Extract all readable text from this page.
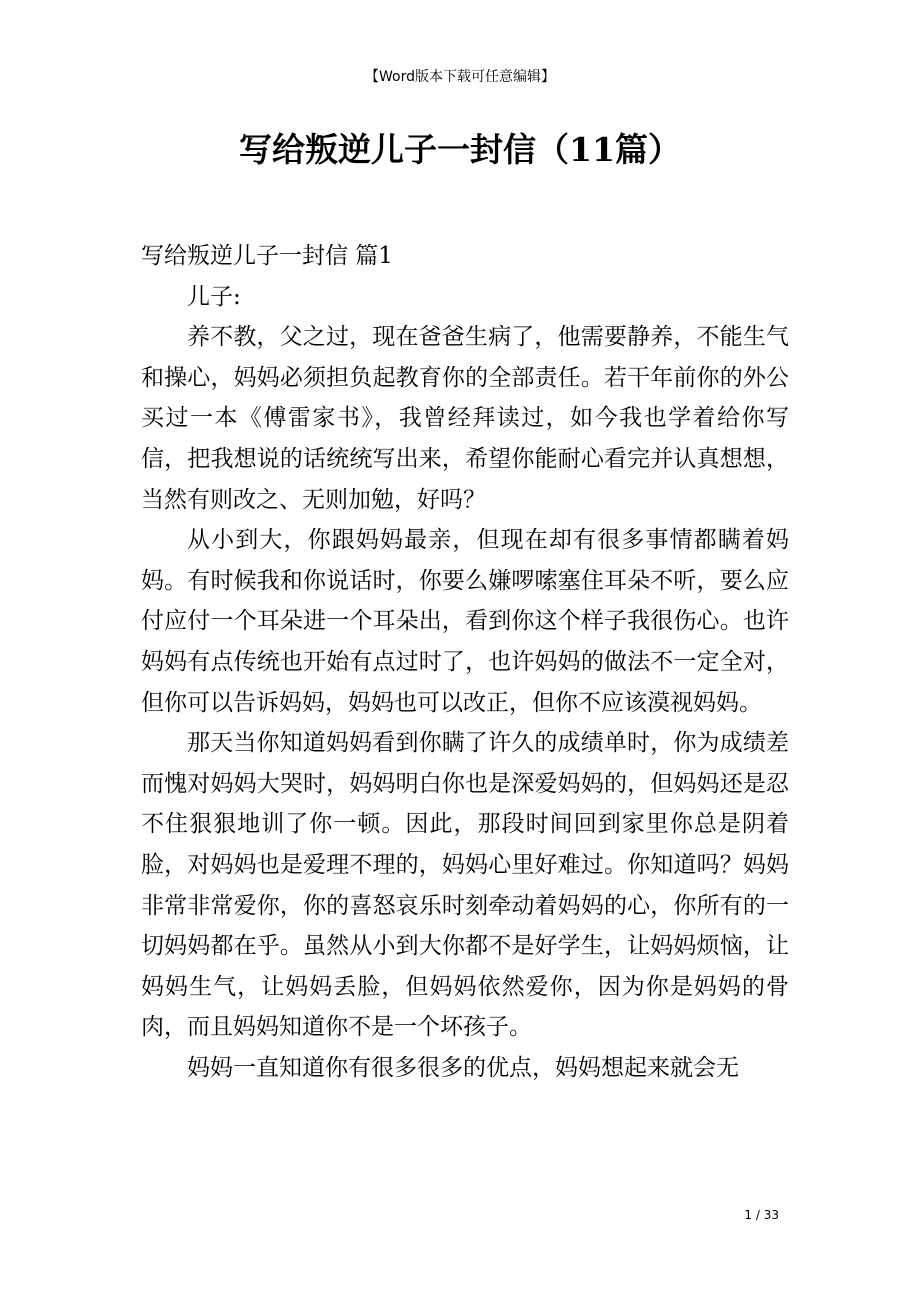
【Word版本下载可任意编辑】
写给叛逆儿子一封信（11篇）

写给叛逆儿子一封信 篇1

儿子:

养不教，父之过，现在爸爸生病了，他需要静养，不能生气和操心，妈妈必须担负起教育你的全部责任。若干年前你的外公买过一本《傅雷家书》，我曾经拜读过，如今我也学着给你写信，把我想说的话统统写出来，希望你能耐心看完并认真想想，当然有则改之、无则加勉，好吗？

从小到大，你跟妈妈最亲，但现在却有很多事情都瞒着妈妈。有时候我和你说话时，你要么嫌啰嗦塞住耳朵不听，要么应付应付一个耳朵进一个耳朵出，看到你这个样子我很伤心。也许妈妈有点传统也开始有点过时了，也许妈妈的做法不一定全对，但你可以告诉妈妈，妈妈也可以改正，但你不应该漠视妈妈。

那天当你知道妈妈看到你瞒了许久的成绩单时，你为成绩差而愧对妈妈大哭时，妈妈明白你也是深爱妈妈的，但妈妈还是忍不住狠狠地训了你一顿。因此，那段时间回到家里你总是阴着脸，对妈妈也是爱理不理的，妈妈心里好难过。你知道吗？妈妈非常非常爱你，你的喜怒哀乐时刻牵动着妈妈的心，你所有的一切妈妈都在乎。虽然从小到大你都不是好学生，让妈妈烦恼，让妈妈生气，让妈妈丢脸，但妈妈依然爱你，因为你是妈妈的骨肉，而且妈妈知道你不是一个坏孩子。

妈妈一直知道你有很多很多的优点，妈妈想起来就会无

1 / 33
